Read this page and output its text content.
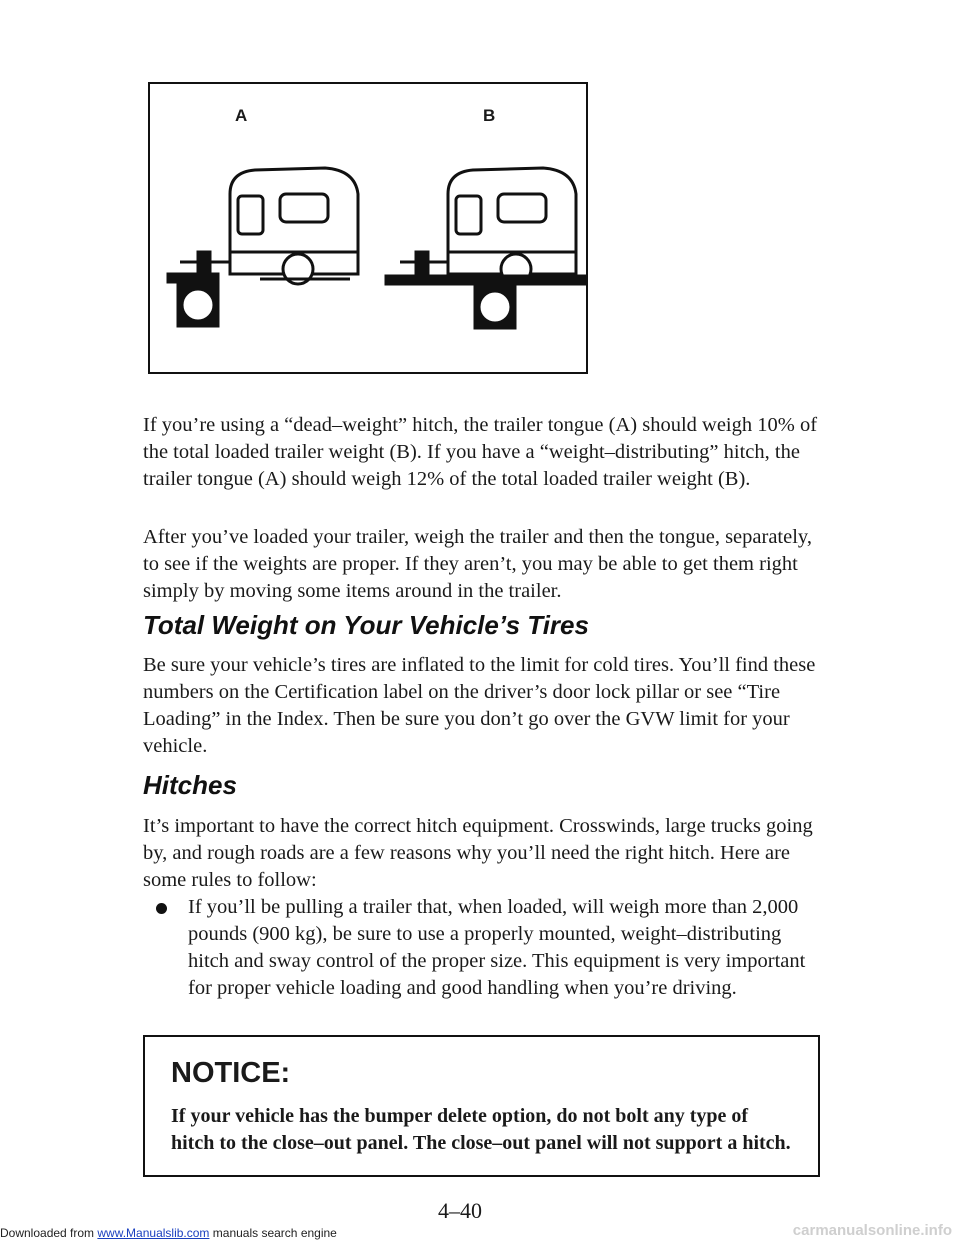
A	B

If you’re using a “dead–weight” hitch, the trailer tongue (A) should weigh 10% of the total loaded trailer weight (B). If you have a “weight–distributing” hitch, the trailer tongue (A) should weigh 12% of the total loaded trailer weight (B).

After you’ve loaded your trailer, weigh the trailer and then the tongue, separately, to see if the weights are proper. If they aren’t, you may be able to get them right simply by moving some items around in the trailer.

Total Weight on Your Vehicle’s Tires

Be sure your vehicle’s tires are inflated to the limit for cold tires. You’ll find these numbers on the Certification label on the driver’s door lock pillar or see “Tire Loading” in the Index. Then be sure you don’t go over the GVW limit for your vehicle.

Hitches

It’s important to have the correct hitch equipment. Crosswinds, large trucks going by, and rough roads are a few reasons why you’ll need the right hitch. Here are some rules to follow:

If you’ll be pulling a trailer that, when loaded, will weigh more than 2,000 pounds (900 kg), be sure to use a properly mounted, weight–distributing hitch and sway control of the proper size. This equipment is very important for proper vehicle loading and good handling when you’re driving.
NOTICE:
If your vehicle has the bumper delete option, do not bolt any type of hitch to the close–out panel. The close–out panel will not support a hitch.
4–40
Downloaded from www.Manualslib.com manuals search engine	carmanualsonline.info
